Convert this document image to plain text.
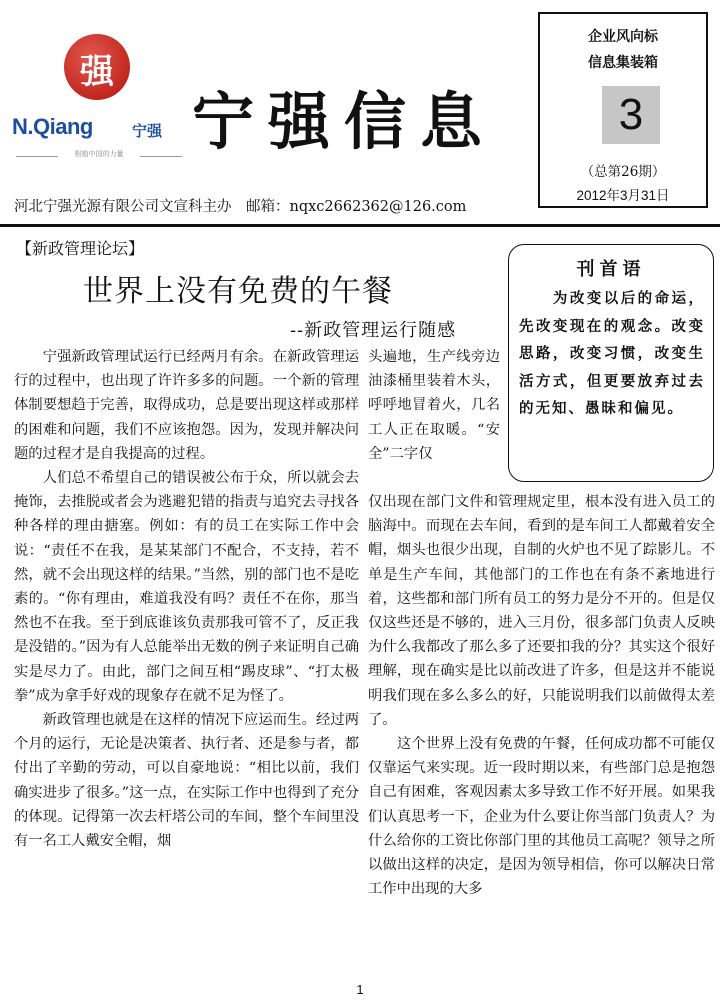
强
N.Qiang	宁强
根植中国的力量 宁强信息
河北宁强光源有限公司文宣科主办　邮箱：nqxc2662362@126.com
企业风向标
信息集装箱
3
（总第26期）
2012年3月31日
【新政管理论坛】
世界上没有免费的午餐
--新政管理运行随感
刊首语
　　为改变以后的命运，先改变现在的观念。改变思路，改变习惯，改变生活方式，但更要放弃过去的无知、愚昧和偏见。
　　宁强新政管理试运行已经两月有余。在新政管理运行的过程中，也出现了许许多多的问题。一个新的管理体制要想趋于完善，取得成功，总是要出现这样或那样的困难和问题，我们不应该抱怨。因为，发现并解决问题的过程才是自我提高的过程。
　　人们总不希望自己的错误被公布于众，所以就会去掩饰，去推脱或者会为逃避犯错的指责与追究去寻找各种各样的理由搪塞。例如：有的员工在实际工作中会说：“责任不在我，是某某部门不配合，不支持，若不然，就不会出现这样的结果。”当然，别的部门也不是吃素的。“你有理由，难道我没有吗？责任不在你，那当然也不在我。至于到底谁该负责那我可管不了，反正我是没错的。”因为有人总能举出无数的例子来证明自己确实是尽力了。由此，部门之间互相“踢皮球”、“打太极拳”成为拿手好戏的现象存在就不足为怪了。
　　新政管理也就是在这样的情况下应运而生。经过两个月的运行，无论是决策者、执行者、还是参与者，都付出了辛勤的劳动，可以自豪地说：“相比以前，我们确实进步了很多。”这一点，在实际工作中也得到了充分的体现。记得第一次去杆塔公司的车间，整个车间里没有一名工人戴安全帽，烟
头遍地，生产线旁边油漆桶里装着木头，呼呼地冒着火，几名工人正在取暖。“安全”二字仅
仅出现在部门文件和管理规定里，根本没有进入员工的脑海中。而现在去车间，看到的是车间工人都戴着安全帽，烟头也很少出现，自制的火炉也不见了踪影儿。不单是生产车间，其他部门的工作也在有条不紊地进行着，这些都和部门所有员工的努力是分不开的。但是仅仅这些还是不够的，进入三月份，很多部门负责人反映为什么我都改了那么多了还要扣我的分？其实这个很好理解，现在确实是比以前改进了许多，但是这并不能说明我们现在多么多么的好，只能说明我们以前做得太差了。
　　这个世界上没有免费的午餐，任何成功都不可能仅仅靠运气来实现。近一段时期以来，有些部门总是抱怨自己有困难，客观因素太多导致工作不好开展。如果我们认真思考一下，企业为什么要让你当部门负责人？为什么给你的工资比你部门里的其他员工高呢？领导之所以做出这样的决定，是因为领导相信，你可以解决日常工作中出现的大多
1
